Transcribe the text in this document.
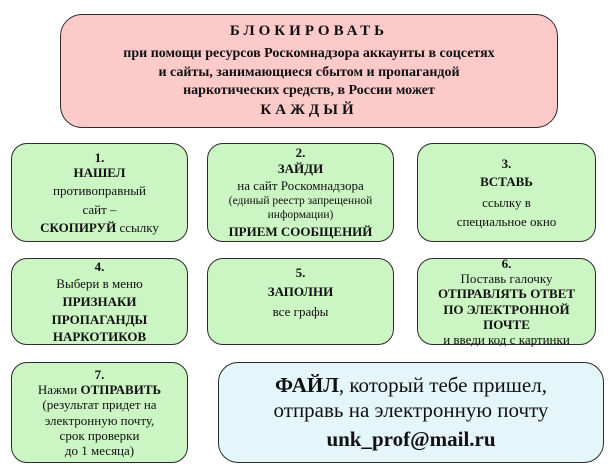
БЛОКИРОВАТЬ
при помощи ресурсов Роскомнадзора аккаунты в соцсетях
и сайты, занимающиеся сбытом и пропагандой
наркотических средств, в России может
КАЖДЫЙ
1.
НАШЕЛ
противоправный
сайт –
СКОПИРУЙ ссылку
2.
ЗАЙДИ
на сайт Роскомнадзора
(единый реестр запрещенной
информации)
ПРИЕМ СООБЩЕНИЙ
3.
ВСТАВЬ
ссылку в
специальное окно
4.
Выбери в меню
ПРИЗНАКИ
ПРОПАГАНДЫ
НАРКОТИКОВ
5.
ЗАПОЛНИ
все графы
6.
Поставь галочку
ОТПРАВЛЯТЬ ОТВЕТ
ПО ЭЛЕКТРОННОЙ
ПОЧТЕ
и введи код с картинки
7.
Нажми ОТПРАВИТЬ
(результат придет на
электронную почту,
срок проверки
до 1 месяца)
ФАЙЛ, который тебе пришел,
отправь на электронную почту
unk_prof@mail.ru
